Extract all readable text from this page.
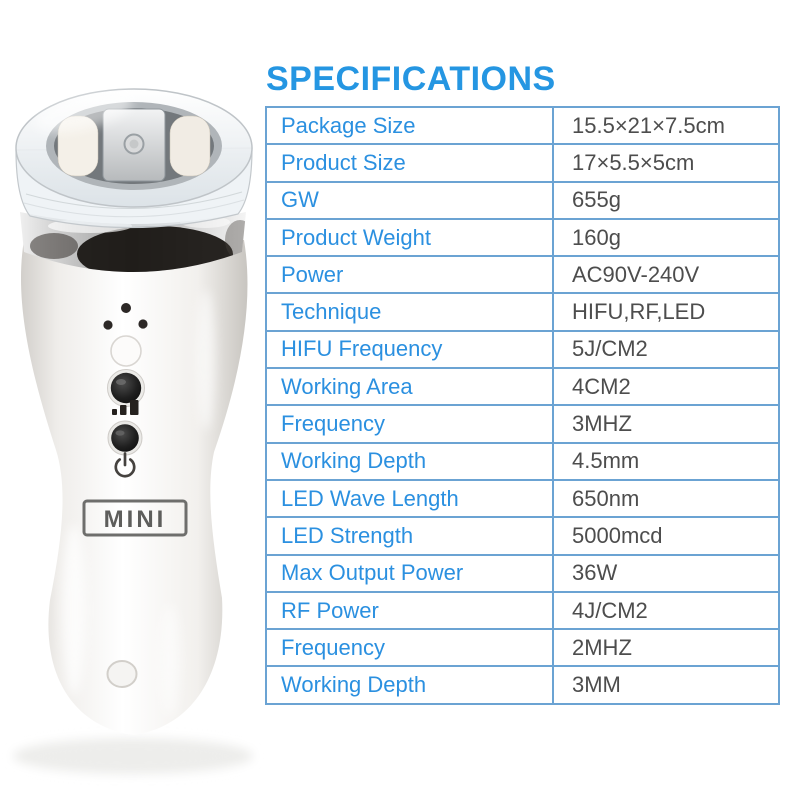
MINI
SPECIFICATIONS
Package Size	15.5×21×7.5cm
Product Size	17×5.5×5cm
GW	655g
Product Weight	160g
Power	AC90V-240V
Technique	HIFU,RF,LED
HIFU Frequency	5J/CM2
Working Area	4CM2
Frequency	3MHZ
Working Depth	4.5mm
LED Wave Length	650nm
LED Strength	5000mcd
Max Output Power	36W
RF Power	4J/CM2
Frequency	2MHZ
Working Depth	3MM
